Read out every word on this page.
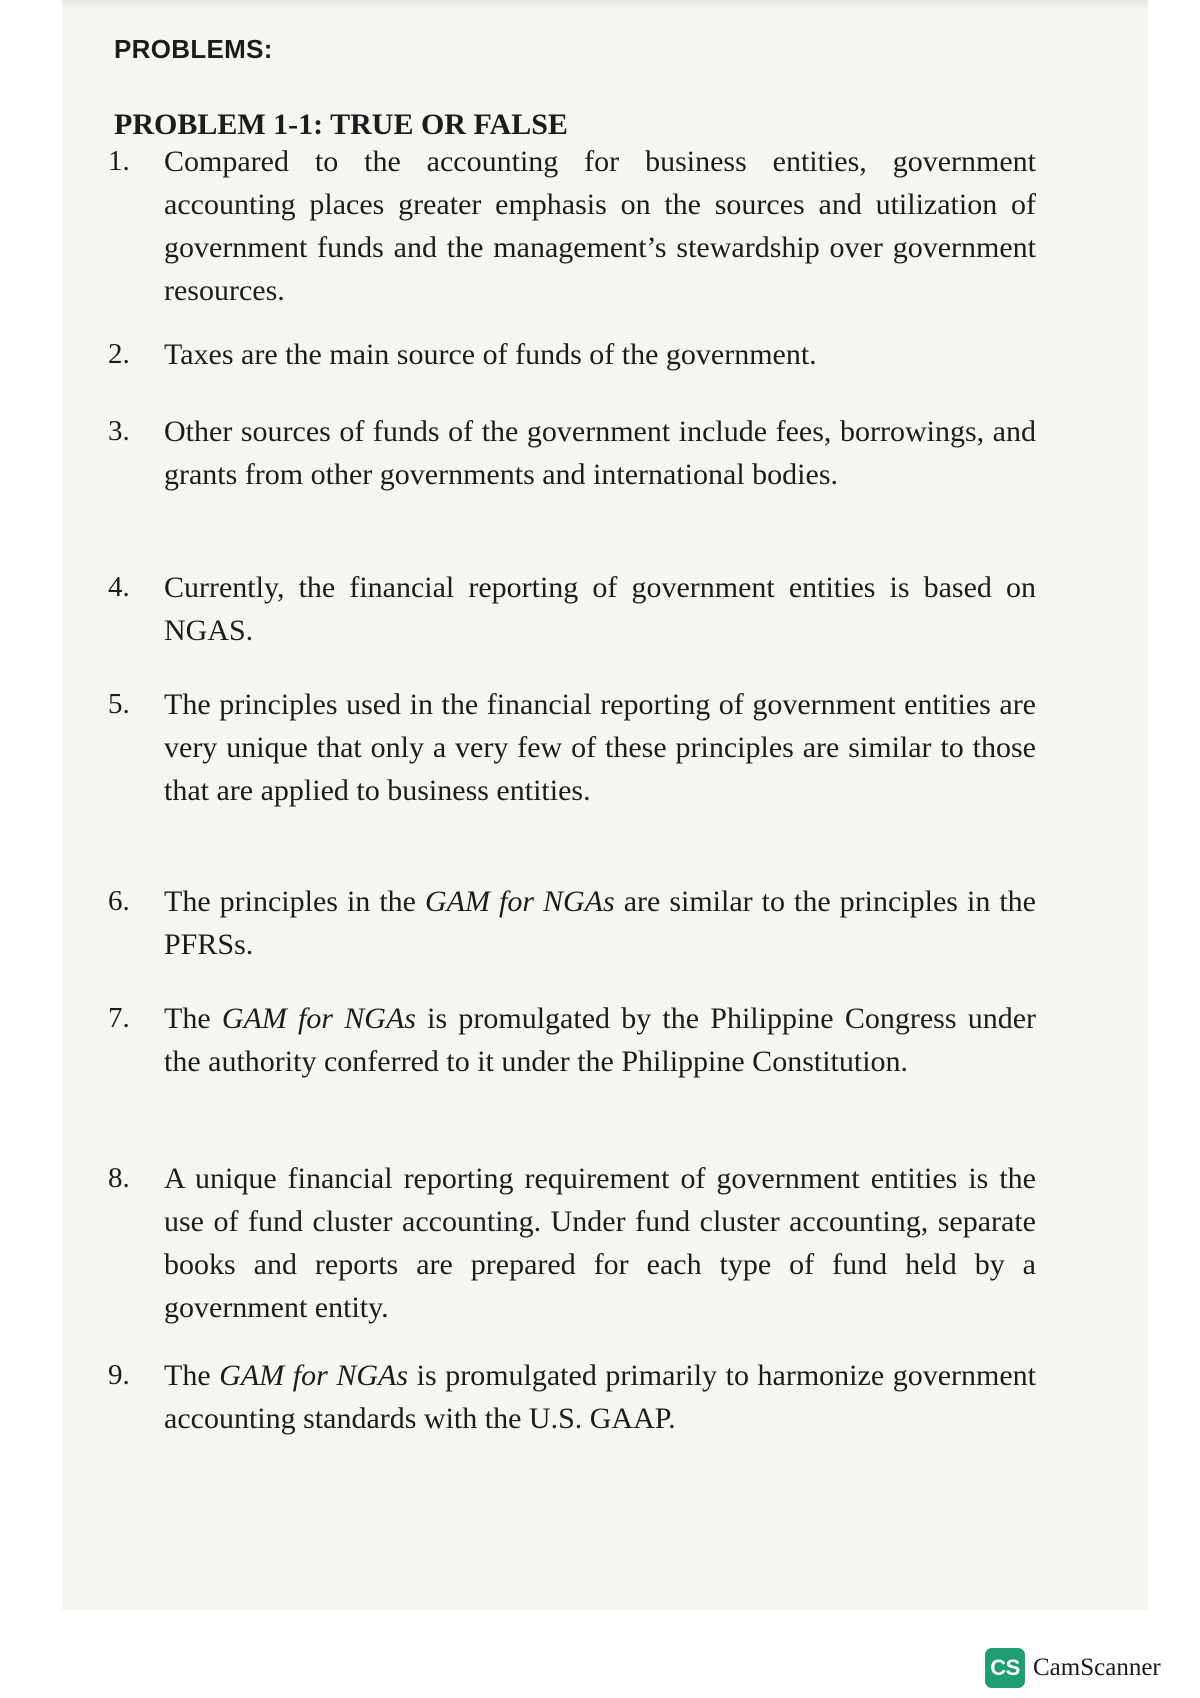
PROBLEMS:
PROBLEM 1-1: TRUE OR FALSE
1.	Compared to the accounting for business entities, government accounting places greater emphasis on the sources and utilization of government funds and the management’s stewardship over government resources.
2.	Taxes are the main source of funds of the government.
3.	Other sources of funds of the government include fees, borrowings, and grants from other governments and international bodies.
4.	Currently, the financial reporting of government entities is based on NGAS.
5.	The principles used in the financial reporting of government entities are very unique that only a very few of these principles are similar to those that are applied to business entities.
6.	The principles in the GAM for NGAs are similar to the principles in the PFRSs.
7.	The GAM for NGAs is promulgated by the Philippine Congress under the authority conferred to it under the Philippine Constitution.
8.	A unique financial reporting requirement of government entities is the use of fund cluster accounting. Under fund cluster accounting, separate books and reports are prepared for each type of fund held by a government entity.
9.	The GAM for NGAs is promulgated primarily to harmonize government accounting standards with the U.S. GAAP.
CS CamScanner
